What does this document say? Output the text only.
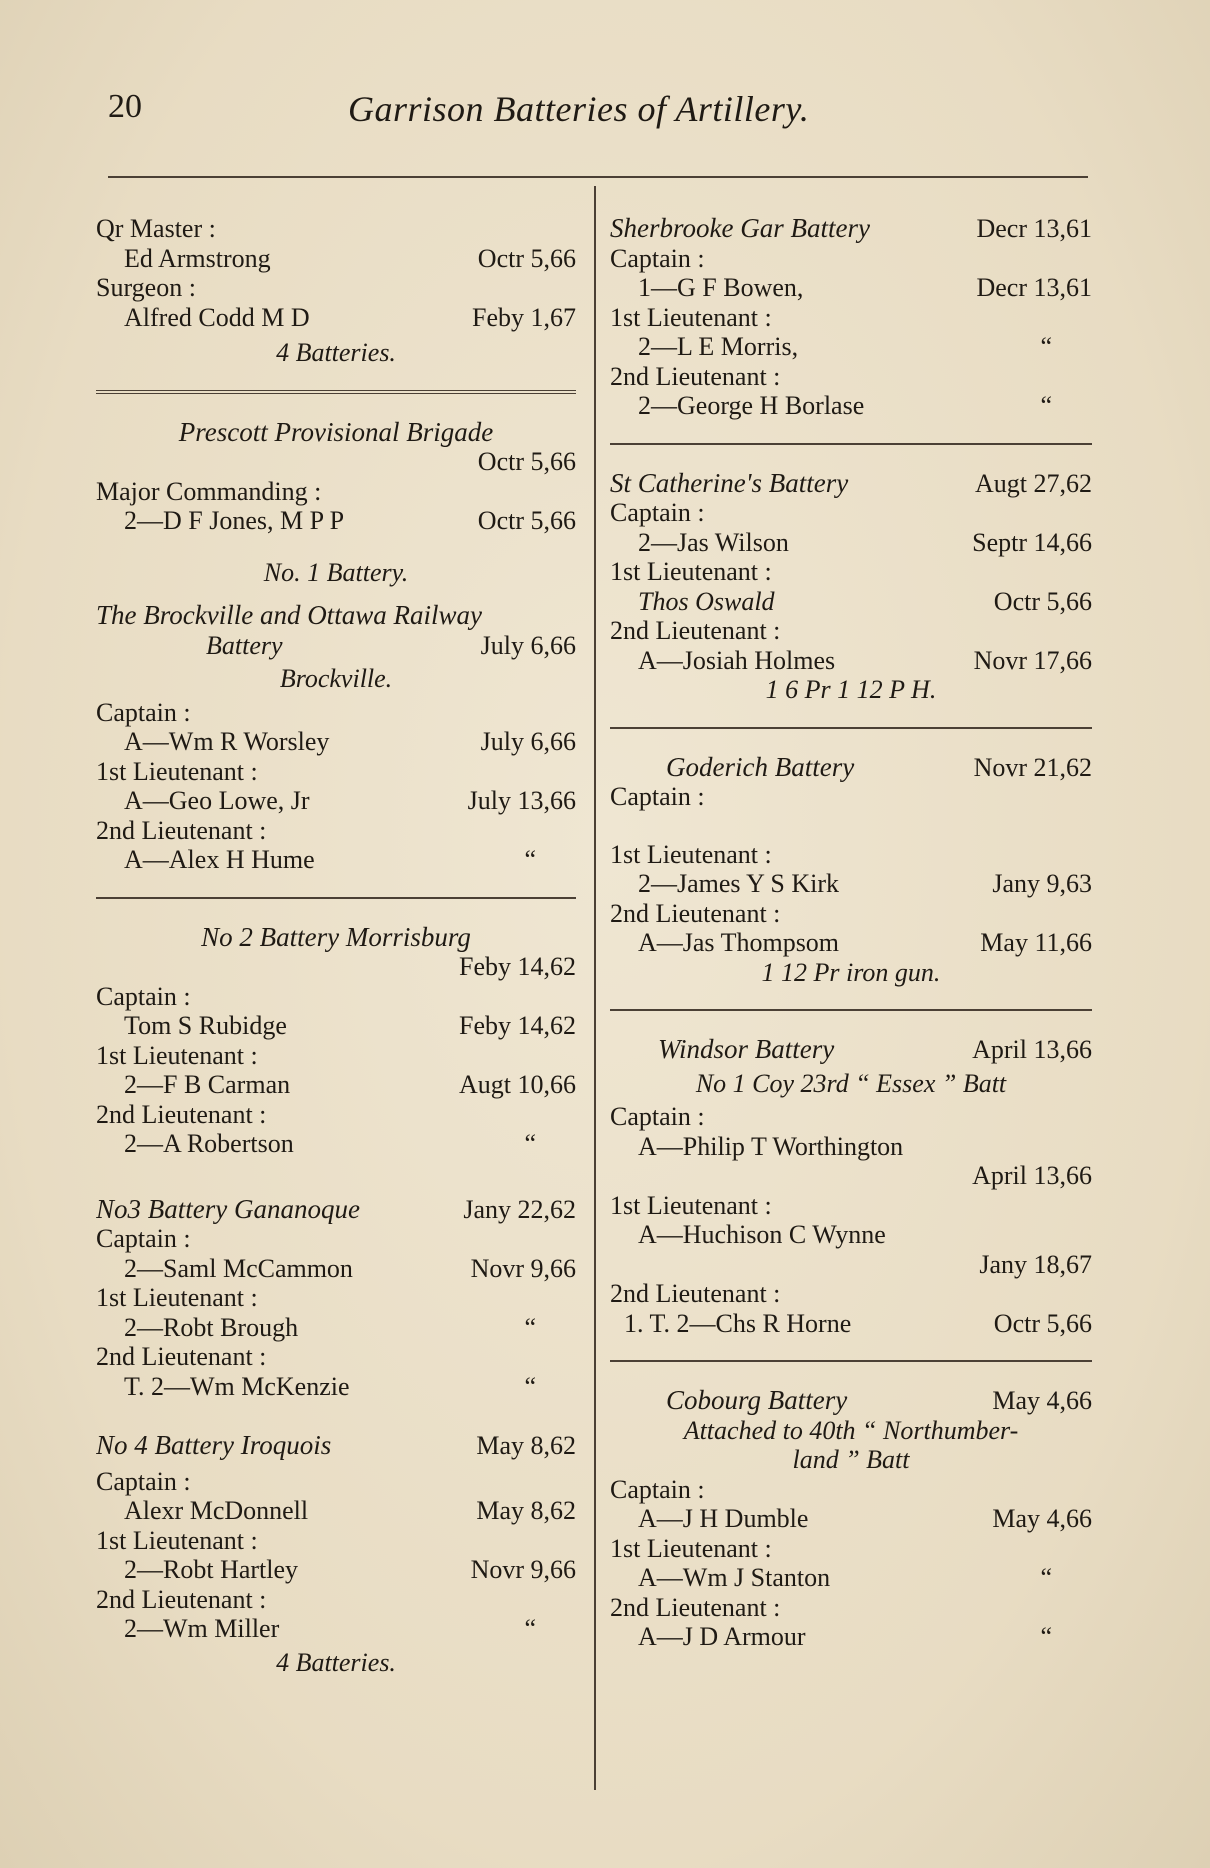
20	Garrison Batteries of Artillery.
Qr Master :
Ed Armstrong	Octr 5,66
Surgeon :
Alfred Codd M D	Feby 1,67
4 Batteries.
Prescott Provisional Brigade
Octr 5,66
Major Commanding :
2—D F Jones, M P P	Octr 5,66
No. 1 Battery.
The Brockville and Ottawa Railway
Battery	July 6,66
Brockville.
Captain :
A—Wm R Worsley	July 6,66
1st Lieutenant :
A—Geo Lowe, Jr	July 13,66
2nd Lieutenant :
A—Alex H Hume	“
No 2 Battery Morrisburg
Feby 14,62
Captain :
Tom S Rubidge	Feby 14,62
1st Lieutenant :
2—F B Carman	Augt 10,66
2nd Lieutenant :
2—A Robertson	“
No3 Battery Gananoque	Jany 22,62
Captain :
2—Saml McCammon	Novr 9,66
1st Lieutenant :
2—Robt Brough	“
2nd Lieutenant :
T. 2—Wm McKenzie	“
No 4 Battery Iroquois	May 8,62
Captain :
Alexr McDonnell	May 8,62
1st Lieutenant :
2—Robt Hartley	Novr 9,66
2nd Lieutenant :
2—Wm Miller	“
4 Batteries.
Sherbrooke Gar Battery	Decr 13,61
Captain :
1—G F Bowen,	Decr 13,61
1st Lieutenant :
2—L E Morris,	“
2nd Lieutenant :
2—George H Borlase	“
St Catherine's Battery	Augt 27,62
Captain :
2—Jas Wilson	Septr 14,66
1st Lieutenant :
Thos Oswald	Octr 5,66
2nd Lieutenant :
A—Josiah Holmes	Novr 17,66
1 6 Pr 1 12 P H.
Goderich Battery	Novr 21,62
Captain :
1st Lieutenant :
2—James Y S Kirk	Jany 9,63
2nd Lieutenant :
A—Jas Thompsom	May 11,66
1 12 Pr iron gun.
Windsor Battery	April 13,66
No 1 Coy 23rd “ Essex ” Batt
Captain :
A—Philip T Worthington
April 13,66
1st Lieutenant :
A—Huchison C Wynne
Jany 18,67
2nd Lieutenant :
1. T. 2—Chs R Horne	Octr 5,66
Cobourg Battery	May 4,66
Attached to 40th “ Northumber-
land ” Batt
Captain :
A—J H Dumble	May 4,66
1st Lieutenant :
A—Wm J Stanton	“
2nd Lieutenant :
A—J D Armour	“
